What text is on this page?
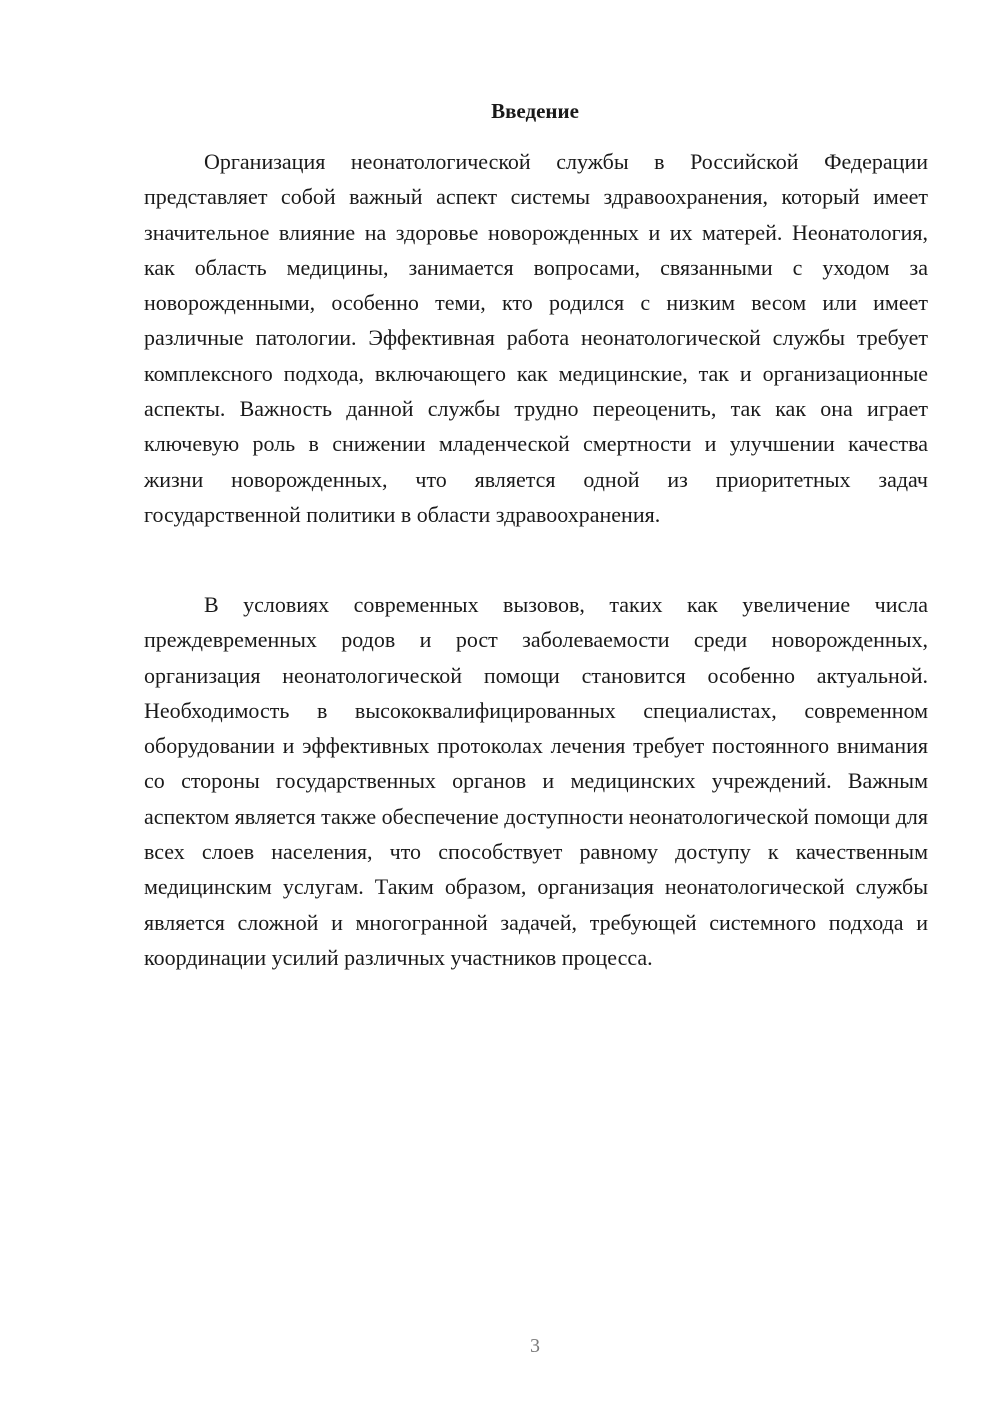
Введение

Организация неонатологической службы в Российской Федерации представляет собой важный аспект системы здравоохранения, который имеет значительное влияние на здоровье новорожденных и их матерей. Неонатология, как область медицины, занимается вопросами, связанными с уходом за новорожденными, особенно теми, кто родился с низким весом или имеет различные патологии. Эффективная работа неонатологической службы требует комплексного подхода, включающего как медицинские, так и организационные аспекты. Важность данной службы трудно переоценить, так как она играет ключевую роль в снижении младенческой смертности и улучшении качества жизни новорожденных, что является одной из приоритетных задач государственной политики в области здравоохранения.

В условиях современных вызовов, таких как увеличение числа преждевременных родов и рост заболеваемости среди новорожденных, организация неонатологической помощи становится особенно актуальной. Необходимость в высококвалифицированных специалистах, современном оборудовании и эффективных протоколах лечения требует постоянного внимания со стороны государственных органов и медицинских учреждений. Важным аспектом является также обеспечение доступности неонатологической помощи для всех слоев населения, что способствует равному доступу к качественным медицинским услугам. Таким образом, организация неонатологической службы является сложной и многогранной задачей, требующей системного подхода и координации усилий различных участников процесса.

3
